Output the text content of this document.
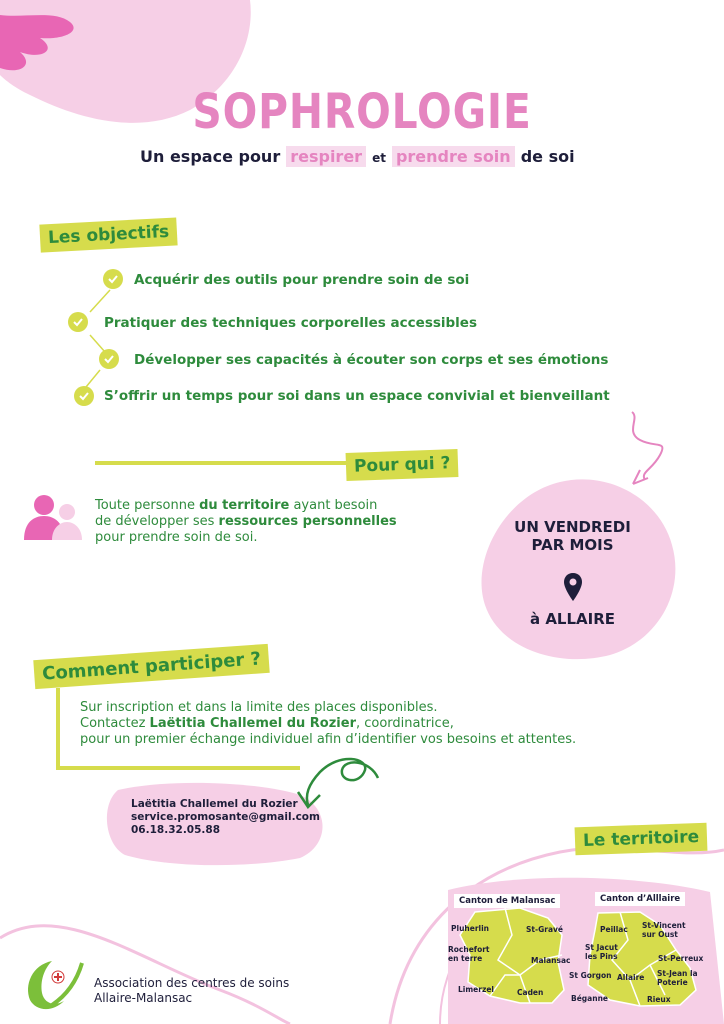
SOPHROLOGIE
Un espace pour respirer et prendre soin de soi
Les objectifs
Acquérir des outils pour prendre soin de soi
Pratiquer des techniques corporelles accessibles
Développer ses capacités à écouter son corps et ses émotions
S’offrir un temps pour soi dans un espace convivial et bienveillant
Pour qui ?
Toute personne du territoire ayant besoin
de développer ses ressources personnelles
pour prendre soin de soi.
UN VENDREDI
PAR MOIS
à ALLAIRE
Comment participer ?
Sur inscription et dans la limite des places disponibles.
Contactez Laëtitia Challemel du Rozier, coordinatrice,
pour un premier échange individuel afin d’identifier vos besoins et attentes.
Laëtitia Challemel du Rozier
service.promosante@gmail.com
06.18.32.05.88	Le territoire
Canton de Malansac	Canton d’Alllaire
Pluherlin	St-Gravé
Rochefort en terre	Malansac
Limerzel	Caden
Peillac St-Vincent sur Oust
St Jacut les Pins	St-Perreux
St Gorgon Allaire St-Jean la Poterie
Béganne	Rieux
Association des centres de soins
Allaire-Malansac
